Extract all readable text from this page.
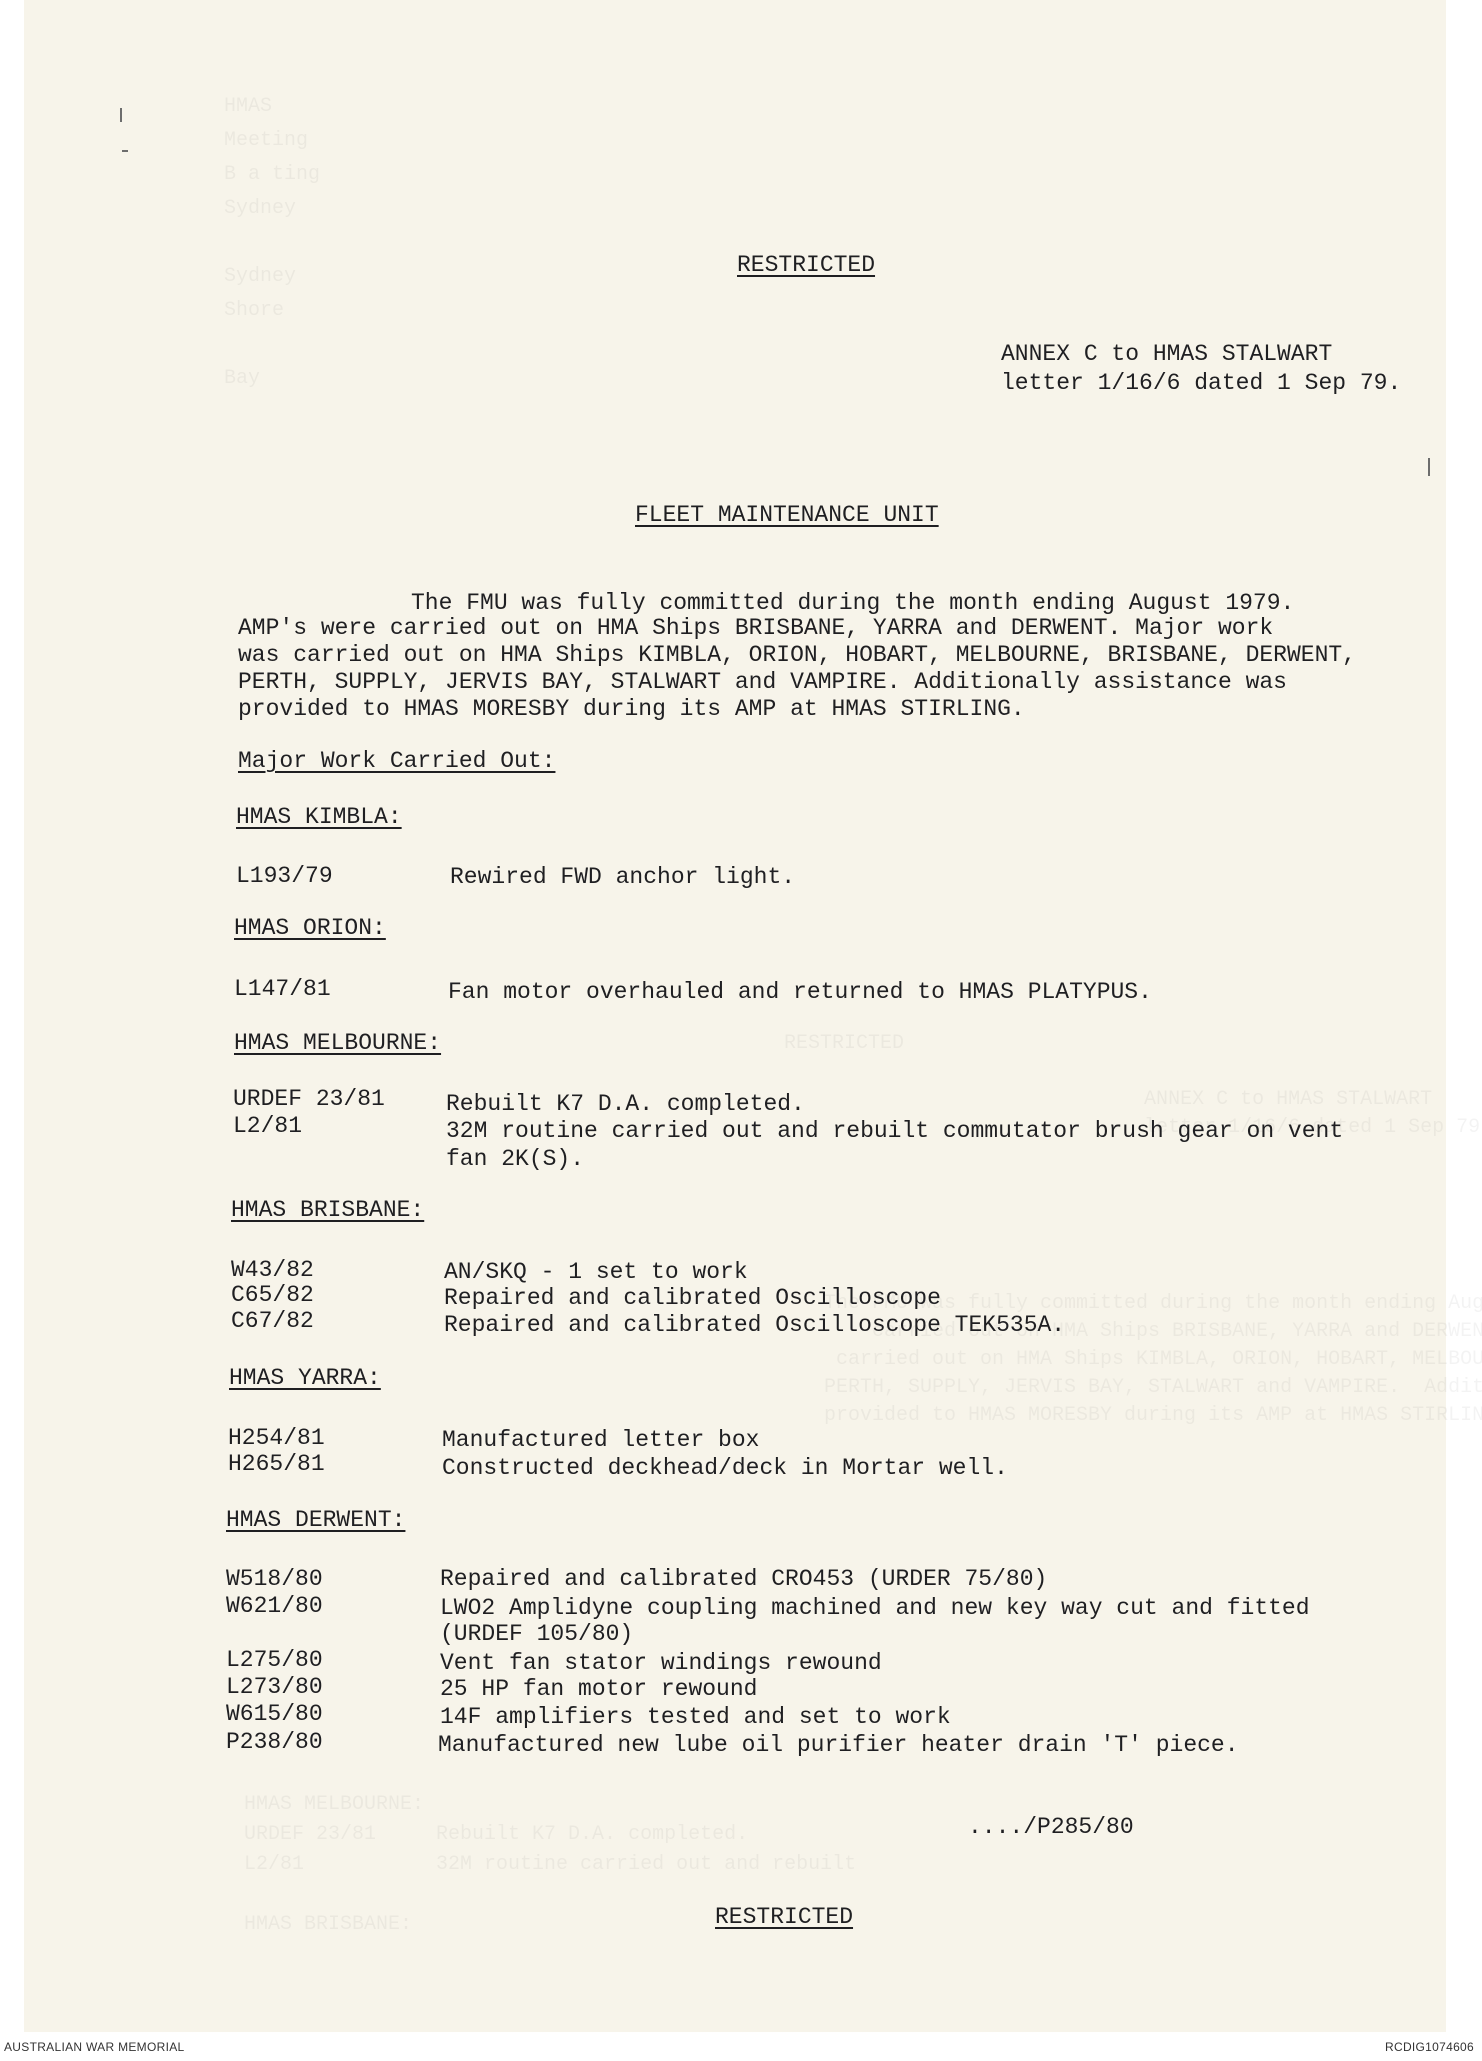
RESTRICTED
ANNEX C to HMAS STALWART
letter 1/16/6 dated 1 Sep 79.
FLEET MAINTENANCE UNIT
The FMU was fully committed during the month ending August 1979.
AMP's were carried out on HMA Ships BRISBANE, YARRA and DERWENT. Major work
was carried out on HMA Ships KIMBLA, ORION, HOBART, MELBOURNE, BRISBANE, DERWENT,
PERTH, SUPPLY, JERVIS BAY, STALWART and VAMPIRE. Additionally assistance was
provided to HMAS MORESBY during its AMP at HMAS STIRLING.
Major Work Carried Out:
HMAS KIMBLA:
L193/79	Rewired FWD anchor light.
HMAS ORION:
L147/81	Fan motor overhauled and returned to HMAS PLATYPUS.
HMAS MELBOURNE:
URDEF 23/81	Rebuilt K7 D.A. completed.
L2/81	32M routine carried out and rebuilt commutator brush gear on vent
fan 2K(S).
HMAS BRISBANE:
W43/82	AN/SKQ - 1 set to work
C65/82	Repaired and calibrated Oscilloscope
C67/82	Repaired and calibrated Oscilloscope TEK535A.
HMAS YARRA:
H254/81	Manufactured letter box
H265/81	Constructed deckhead/deck in Mortar well.
HMAS DERWENT:
W518/80	Repaired and calibrated CRO453 (URDER 75/80)
W621/80	LWO2 Amplidyne coupling machined and new key way cut and fitted
(URDEF 105/80)
L275/80	Vent fan stator windings rewound
L273/80	25 HP fan motor rewound
W615/80	14F amplifiers tested and set to work
P238/80	Manufactured new lube oil purifier heater drain 'T' piece.
..../P285/80
RESTRICTED
AUSTRALIAN WAR MEMORIAL	RCDIG1074606
